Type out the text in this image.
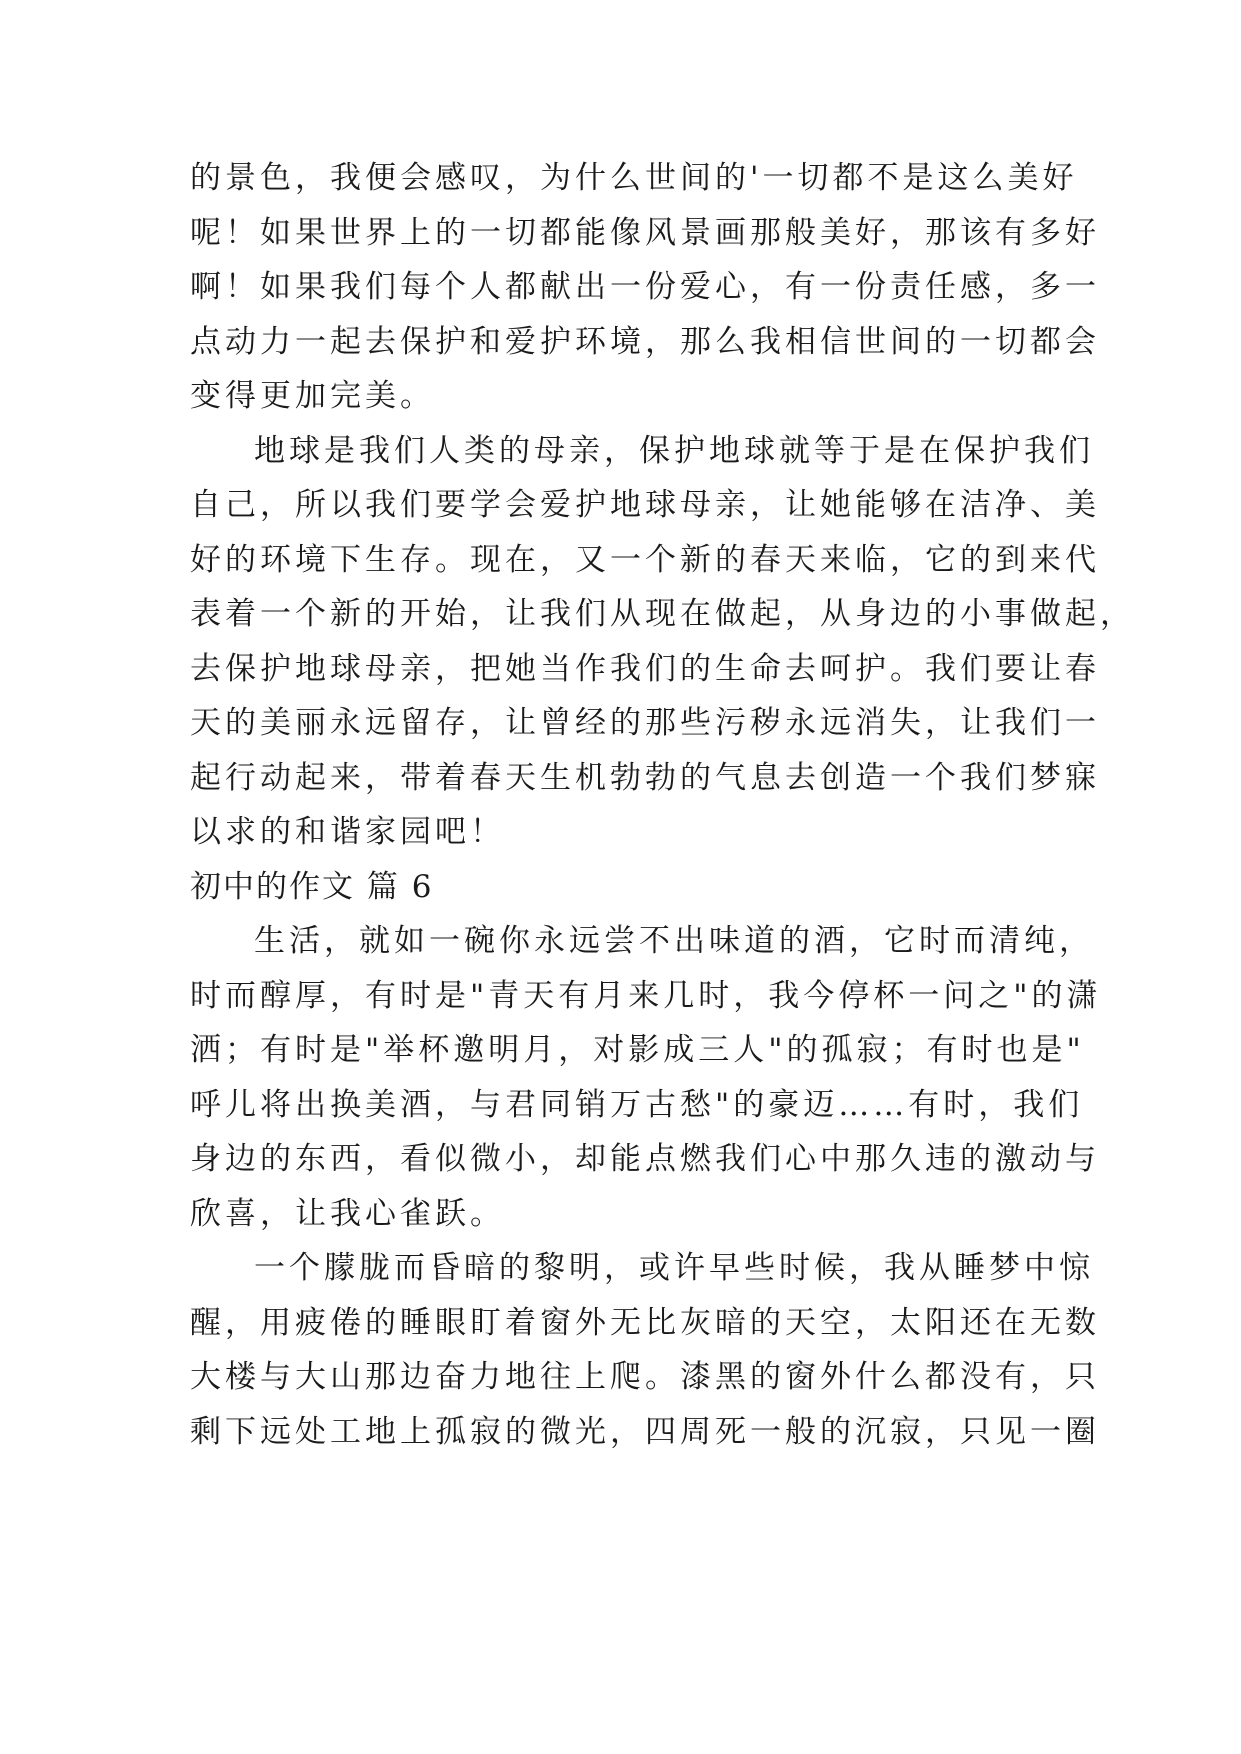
的景色，我便会感叹，为什么世间的'一切都不是这么美好
呢！如果世界上的一切都能像风景画那般美好，那该有多好
啊！如果我们每个人都献出一份爱心，有一份责任感，多一
点动力一起去保护和爱护环境，那么我相信世间的一切都会
变得更加完美。
地球是我们人类的母亲，保护地球就等于是在保护我们
自己，所以我们要学会爱护地球母亲，让她能够在洁净、美
好的环境下生存。现在，又一个新的春天来临，它的到来代
表着一个新的开始，让我们从现在做起，从身边的小事做起，
去保护地球母亲，把她当作我们的生命去呵护。我们要让春
天的美丽永远留存，让曾经的那些污秽永远消失，让我们一
起行动起来，带着春天生机勃勃的气息去创造一个我们梦寐
以求的和谐家园吧！
初中的作文 篇 6
生活，就如一碗你永远尝不出味道的酒，它时而清纯，
时而醇厚，有时是"青天有月来几时，我今停杯一问之"的潇
洒；有时是"举杯邀明月，对影成三人"的孤寂；有时也是"
呼儿将出换美酒，与君同销万古愁"的豪迈……有时，我们
身边的东西，看似微小，却能点燃我们心中那久违的激动与
欣喜，让我心雀跃。
一个朦胧而昏暗的黎明，或许早些时候，我从睡梦中惊
醒，用疲倦的睡眼盯着窗外无比灰暗的天空，太阳还在无数
大楼与大山那边奋力地往上爬。漆黑的窗外什么都没有，只
剩下远处工地上孤寂的微光，四周死一般的沉寂，只见一圈
